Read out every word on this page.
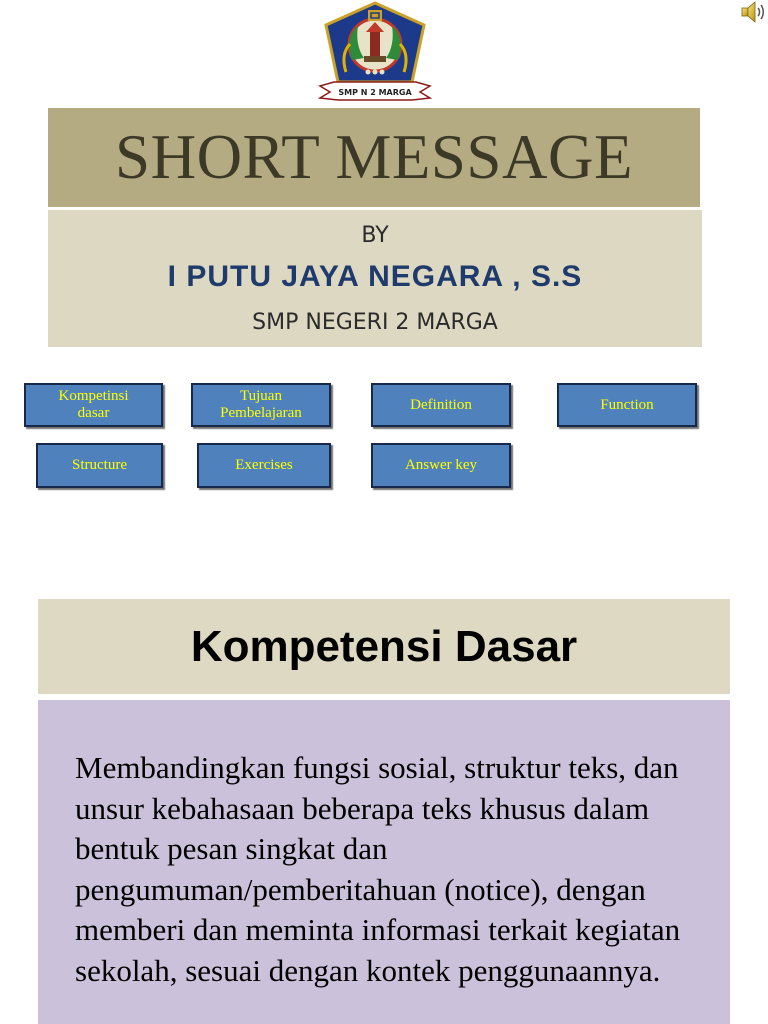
SMP N 2 MARGA
SHORT MESSAGE
BY
I PUTU JAYA NEGARA , S.S
SMP NEGERI 2 MARGA
Kompetinsi
dasar
Tujuan
Pembelajaran
Definition	Function
Structure	Exercises	Answer key
Kompetensi Dasar
Membandingkan fungsi sosial, struktur teks, dan unsur kebahasaan beberapa teks khusus dalam bentuk pesan singkat dan pengumuman/pemberitahuan (notice), dengan memberi dan meminta informasi terkait kegiatan sekolah, sesuai dengan kontek penggunaannya.
